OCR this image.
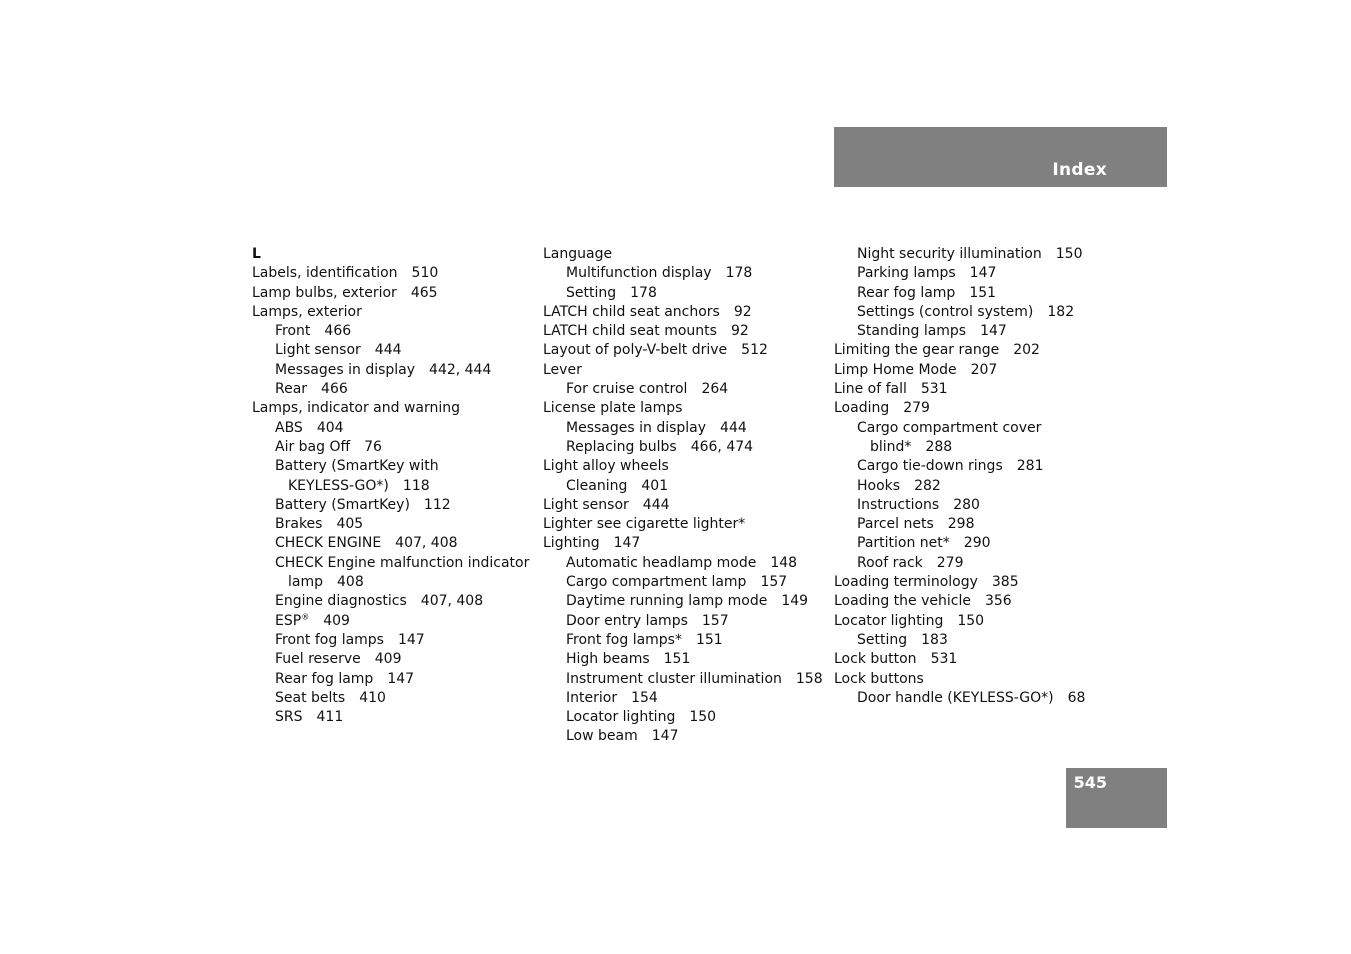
Index
L
Labels, identification 510
Lamp bulbs, exterior 465
Lamps, exterior
Front 466
Light sensor 444
Messages in display 442, 444
Rear 466
Lamps, indicator and warning
ABS 404
Air bag Off 76
Battery (SmartKey with
KEYLESS-GO*) 118
Battery (SmartKey) 112
Brakes 405
CHECK ENGINE 407, 408
CHECK Engine malfunction indicator
lamp 408
Engine diagnostics 407, 408
ESP® 409
Front fog lamps 147
Fuel reserve 409
Rear fog lamp 147
Seat belts 410
SRS 411
Language
Multifunction display 178
Setting 178
LATCH child seat anchors 92
LATCH child seat mounts 92
Layout of poly-V-belt drive 512
Lever
For cruise control 264
License plate lamps
Messages in display 444
Replacing bulbs 466, 474
Light alloy wheels
Cleaning 401
Light sensor 444
Lighter see cigarette lighter*
Lighting 147
Automatic headlamp mode 148
Cargo compartment lamp 157
Daytime running lamp mode 149
Door entry lamps 157
Front fog lamps* 151
High beams 151
Instrument cluster illumination 158
Interior 154
Locator lighting 150
Low beam 147
Night security illumination 150
Parking lamps 147
Rear fog lamp 151
Settings (control system) 182
Standing lamps 147
Limiting the gear range 202
Limp Home Mode 207
Line of fall 531
Loading 279
Cargo compartment cover
blind* 288
Cargo tie-down rings 281
Hooks 282
Instructions 280
Parcel nets 298
Partition net* 290
Roof rack 279
Loading terminology 385
Loading the vehicle 356
Locator lighting 150
Setting 183
Lock button 531
Lock buttons
Door handle (KEYLESS-GO*) 68
545
